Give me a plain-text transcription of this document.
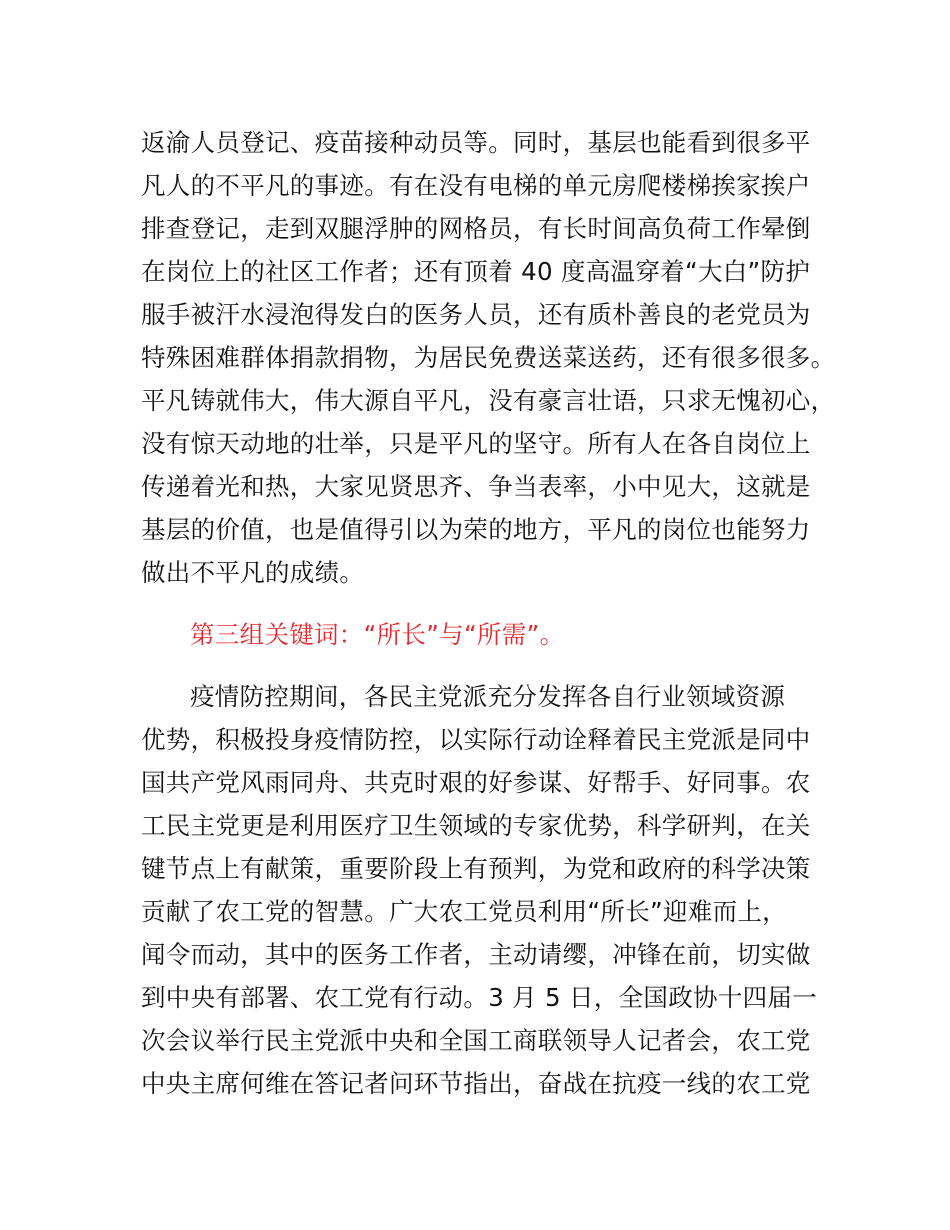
返渝人员登记、疫苗接种动员等。同时，基层也能看到很多平
凡人的不平凡的事迹。有在没有电梯的单元房爬楼梯挨家挨户
排查登记，走到双腿浮肿的网格员，有长时间高负荷工作晕倒
在岗位上的社区工作者；还有顶着 40 度高温穿着“大白”防护
服手被汗水浸泡得发白的医务人员，还有质朴善良的老党员为
特殊困难群体捐款捐物，为居民免费送菜送药，还有很多很多。
平凡铸就伟大，伟大源自平凡，没有豪言壮语，只求无愧初心，
没有惊天动地的壮举，只是平凡的坚守。所有人在各自岗位上
传递着光和热，大家见贤思齐、争当表率，小中见大，这就是
基层的价值，也是值得引以为荣的地方，平凡的岗位也能努力
做出不平凡的成绩。
第三组关键词：“所长”与“所需”。
疫情防控期间，各民主党派充分发挥各自行业领域资源
优势，积极投身疫情防控，以实际行动诠释着民主党派是同中
国共产党风雨同舟、共克时艰的好参谋、好帮手、好同事。农
工民主党更是利用医疗卫生领域的专家优势，科学研判，在关
键节点上有献策，重要阶段上有预判，为党和政府的科学决策
贡献了农工党的智慧。广大农工党员利用“所长”迎难而上，
闻令而动，其中的医务工作者，主动请缨，冲锋在前，切实做
到中央有部署、农工党有行动。3 月 5 日，全国政协十四届一
次会议举行民主党派中央和全国工商联领导人记者会，农工党
中央主席何维在答记者问环节指出，奋战在抗疫一线的农工党
